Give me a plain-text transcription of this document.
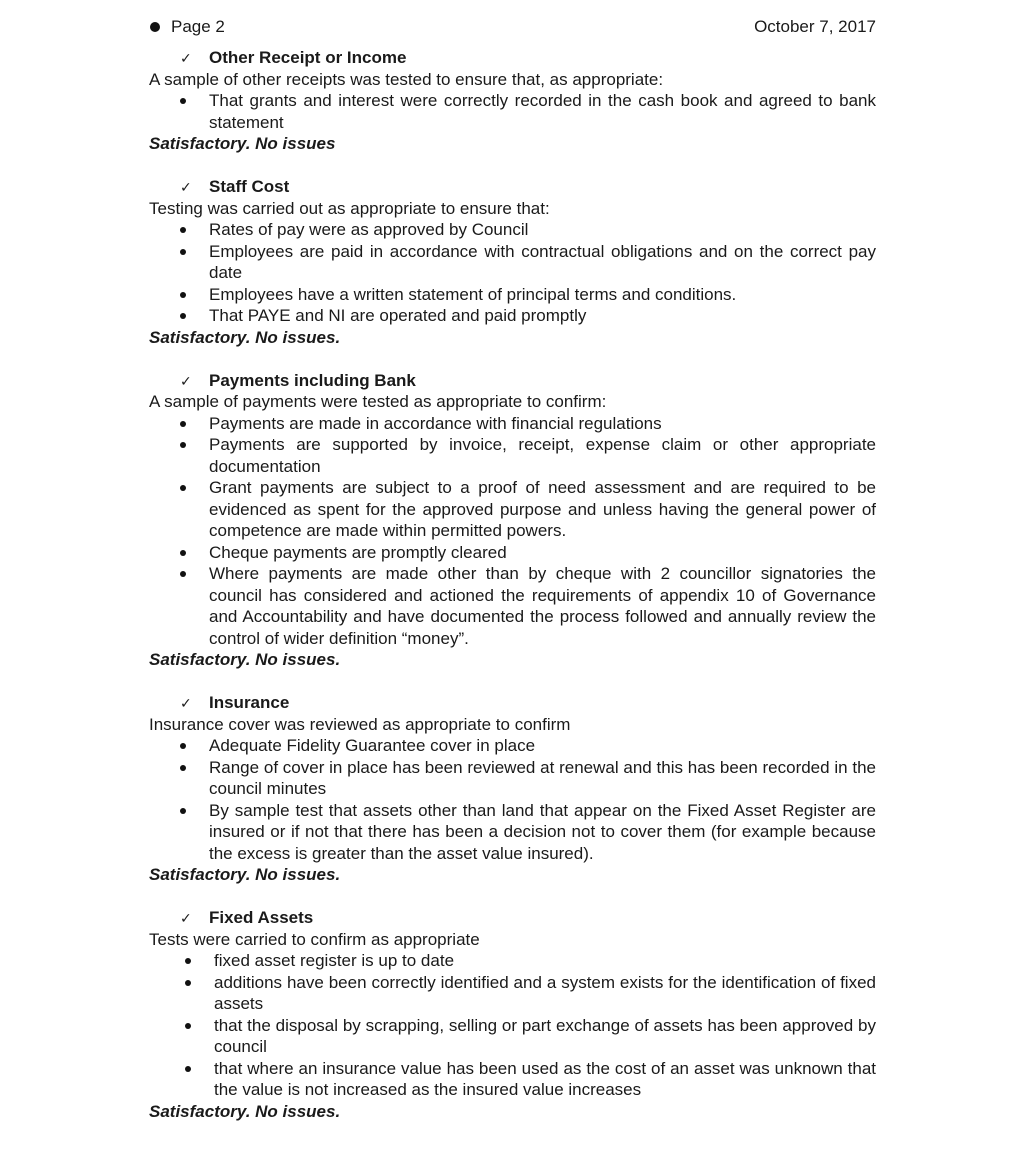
Page 2	October 7, 2017
✓	Other Receipt or Income

A sample of other receipts was tested to ensure that, as appropriate:

That grants and interest were correctly recorded in the cash book and agreed to bank statement
Satisfactory. No issues
✓	Staff Cost

Testing was carried out as appropriate to ensure that:

Rates of pay were as approved by Council
Employees are paid in accordance with contractual obligations and on the correct pay date
Employees have a written statement of principal terms and conditions.
That PAYE and NI are operated and paid promptly
Satisfactory. No issues.
✓	Payments including Bank

A sample of payments were tested as appropriate to confirm:

Payments are made in accordance with financial regulations
Payments are supported by invoice, receipt, expense claim or other appropriate documentation
Grant payments are subject to a proof of need assessment and are required to be evidenced as spent for the approved purpose and unless having the general power of competence are made within permitted powers.
Cheque payments are promptly cleared
Where payments are made other than by cheque with 2 councillor signatories the council has considered and actioned the requirements of appendix 10 of Governance and Accountability and have documented the process followed and annually review the control of wider definition “money”.
Satisfactory. No issues.
✓	Insurance

Insurance cover was reviewed as appropriate to confirm

Adequate Fidelity Guarantee cover in place
Range of cover in place has been reviewed at renewal and this has been recorded in the council minutes
By sample test that assets other than land that appear on the Fixed Asset Register are insured or if not that there has been a decision not to cover them (for example because the excess is greater than the asset value insured).
Satisfactory. No issues.
✓	Fixed Assets

Tests were carried to confirm as appropriate

fixed asset register is up to date
additions have been correctly identified and a system exists for the identification of fixed assets
that the disposal by scrapping, selling or part exchange of assets has been approved by council
that where an insurance value has been used as the cost of an asset was unknown that the value is not increased as the insured value increases
Satisfactory. No issues.
